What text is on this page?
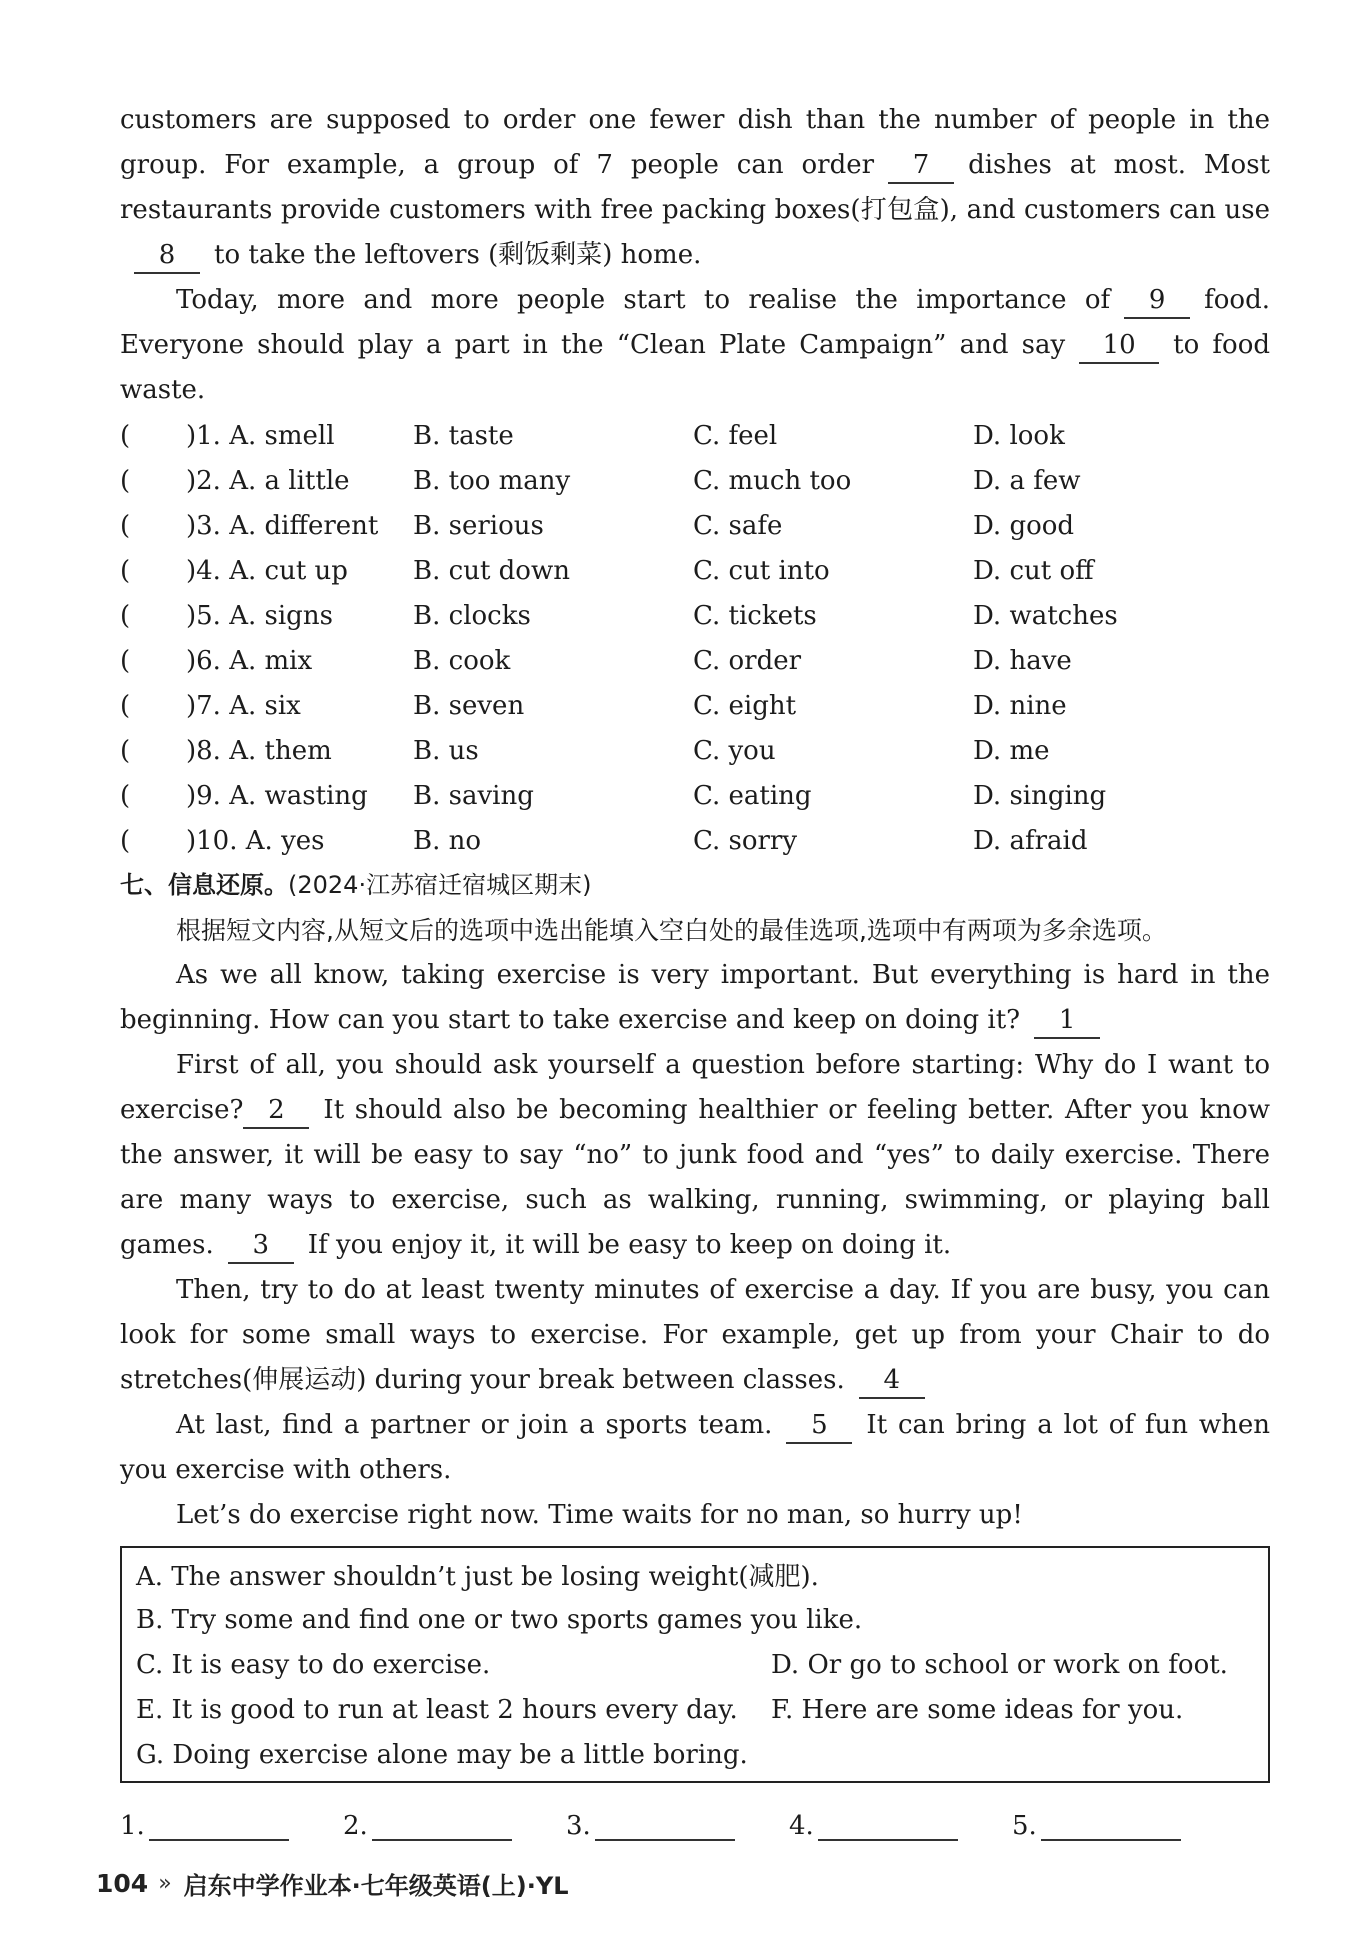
customers are supposed to order one fewer dish than the number of people in the group. For example, a group of 7 people can order 7 dishes at most. Most restaurants provide customers with free packing boxes(打包盒), and customers can use8 to take the leftovers (剩饭剩菜) home.

Today, more and more people start to realise the importance of 9 food. Everyone should play a part in the “Clean Plate Campaign” and say 10 to food waste.

(	)1. A. smell	B. taste	C. feel	D. look
(	)2. A. a little	B. too many	C. much too	D. a few
(	)3. A. different	B. serious	C. safe	D. good
(	)4. A. cut up	B. cut down	C. cut into	D. cut off
(	)5. A. signs	B. clocks	C. tickets	D. watches
(	)6. A. mix	B. cook	C. order	D. have
(	)7. A. six	B. seven	C. eight	D. nine
(	)8. A. them	B. us	C. you	D. me
(	)9. A. wasting	B. saving	C. eating	D. singing
(	)10. A. yes	B. no	C. sorry	D. afraid

七、信息还原。(2024·江苏宿迁宿城区期末)

根据短文内容,从短文后的选项中选出能填入空白处的最佳选项,选项中有两项为多余选项。

As we all know, taking exercise is very important. But everything is hard in the beginning. How can you start to take exercise and keep on doing it? 1

First of all, you should ask yourself a question before starting: Why do I want to exercise? 2 It should also be becoming healthier or feeling better. After you know the answer, it will be easy to say “no” to junk food and “yes” to daily exercise. There are many ways to exercise, such as walking, running, swimming, or playing ball games. 3 If you enjoy it, it will be easy to keep on doing it.

Then, try to do at least twenty minutes of exercise a day. If you are busy, you can look for some small ways to exercise. For example, get up from your Chair to do stretches(伸展运动) during your break between classes. 4

At last, find a partner or join a sports team. 5 It can bring a lot of fun when you exercise with others.

Let’s do exercise right now. Time waits for no man, so hurry up!

A. The answer shouldn’t just be losing weight(减肥).
B. Try some and find one or two sports games you like.
C. It is easy to do exercise.	D. Or go to school or work on foot.
E. It is good to run at least 2 hours every day.	F. Here are some ideas for you.
G. Doing exercise alone may be a little boring.
1.	2.	3.	4.	5.
104 » 启东中学作业本·七年级英语(上)·YL
